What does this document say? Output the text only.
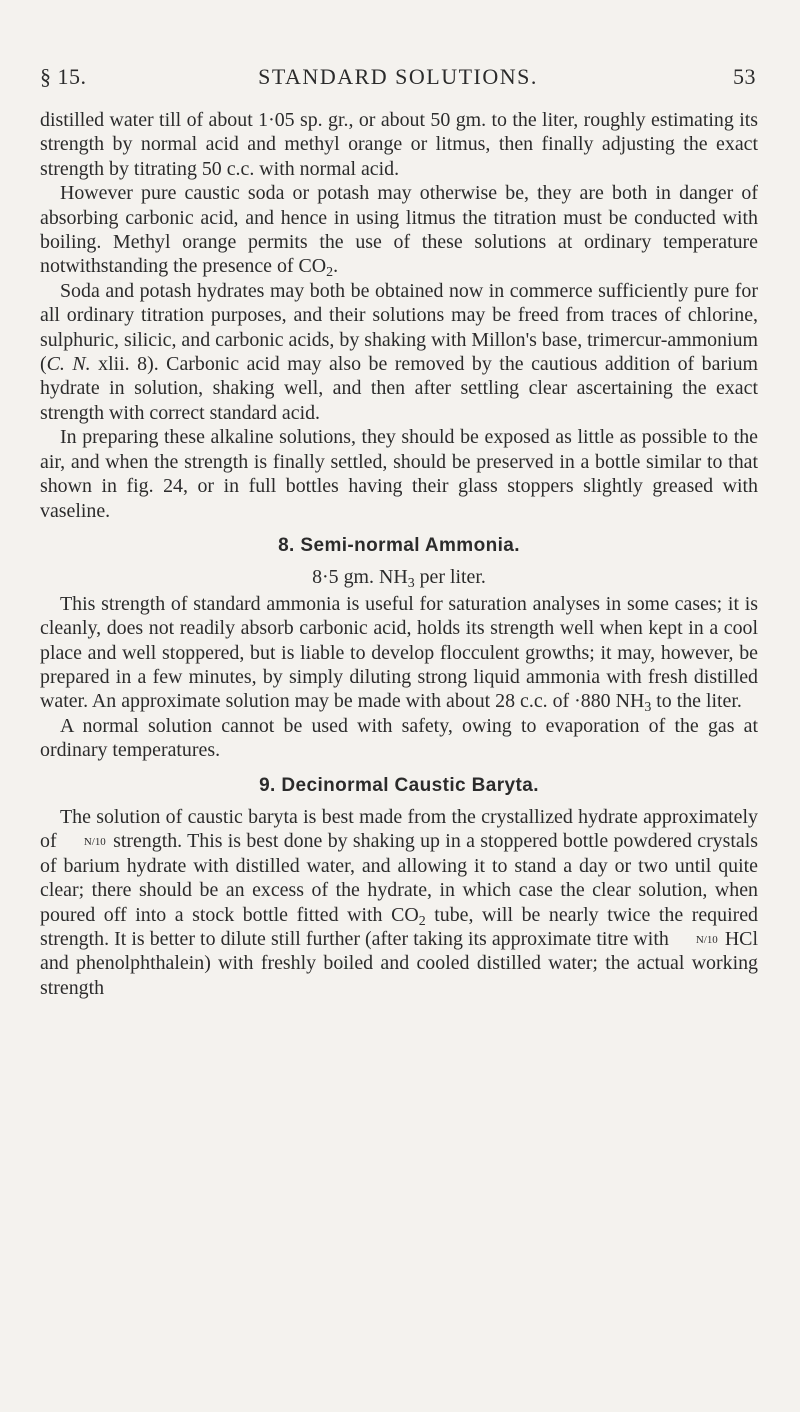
§ 15.	STANDARD SOLUTIONS.	53

distilled water till of about 1·05 sp. gr., or about 50 gm. to the liter, roughly estimating its strength by normal acid and methyl orange or litmus, then finally adjusting the exact strength by titrating 50 c.c. with normal acid.

However pure caustic soda or potash may otherwise be, they are both in danger of absorbing carbonic acid, and hence in using litmus the titration must be conducted with boiling. Methyl orange permits the use of these solutions at ordinary temperature notwithstanding the presence of $CO_2$.

Soda and potash hydrates may both be obtained now in commerce sufficiently pure for all ordinary titration purposes, and their solutions may be freed from traces of chlorine, sulphuric, silicic, and carbonic acids, by shaking with Millon's base, trimercur-ammonium (C. N. xlii. 8). Carbonic acid may also be removed by the cautious addition of barium hydrate in solution, shaking well, and then after settling clear ascertaining the exact strength with correct standard acid.

In preparing these alkaline solutions, they should be exposed as little as possible to the air, and when the strength is finally settled, should be preserved in a bottle similar to that shown in fig. 24, or in full bottles having their glass stoppers slightly greased with vaseline.

8. Semi-normal Ammonia.

8·5 gm. $NH_3$ per liter.

This strength of standard ammonia is useful for saturation analyses in some cases; it is cleanly, does not readily absorb carbonic acid, holds its strength well when kept in a cool place and well stoppered, but is liable to develop flocculent growths; it may, however, be prepared in a few minutes, by simply diluting strong liquid ammonia with fresh distilled water. An approximate solution may be made with about 28 c.c. of ·880 $NH_3$ to the liter.

A normal solution cannot be used with safety, owing to evaporation of the gas at ordinary temperatures.

9. Decinormal Caustic Baryta.

The solution of caustic baryta is best made from the crystallized hydrate approximately of N/10 strength. This is best done by shaking up in a stoppered bottle powdered crystals of barium hydrate with distilled water, and allowing it to stand a day or two until quite clear; there should be an excess of the hydrate, in which case the clear solution, when poured off into a stock bottle fitted with $CO_2$ tube, will be nearly twice the required strength. It is better to dilute still further (after taking its approximate titre with N/10 HCl and phenolphthalein) with freshly boiled and cooled distilled water; the actual working strength
